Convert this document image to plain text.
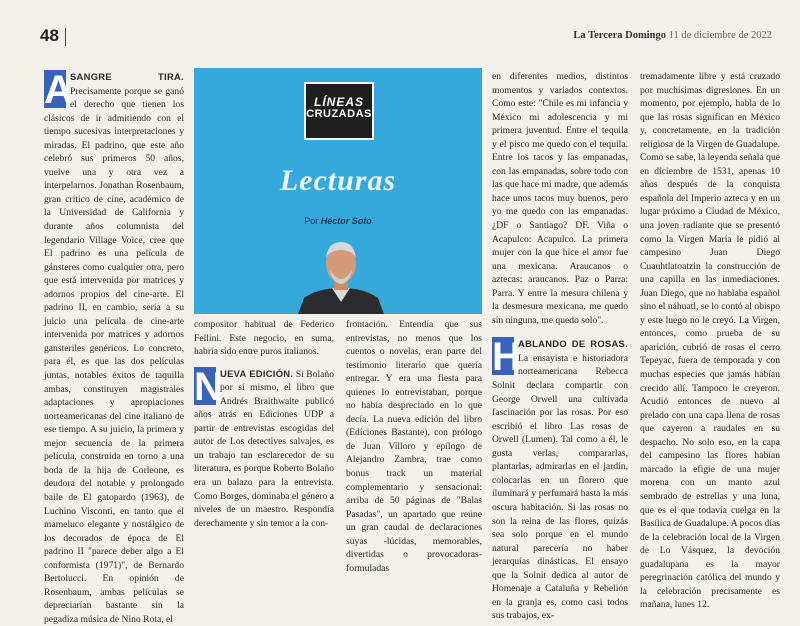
48	La Tercera Domingo 11 de diciembre de 2022
A
SANGRE TIRA. Precisamente porque se ganó el derecho que tienen los clásicos de ir admitiendo con el tiempo sucesivas interpretaciones y miradas, El padrino, que este año celebró sus primeros 50 años, vuelve una y otra vez a interpelarnos. Jonathan Rosenbaum, gran crítico de cine, académico de la Universidad de California y durante años columnista del legendario Village Voice, cree que El padrino es una película de gánsteres como cualquier otra, pero que está intervenida por matrices y adornos propios del cine-arte. El padrino II, en cambio, sería a su juicio una película de cine-arte intervenida por matrices y adornos gansteriles genéricos. Lo concreto, para él, es que las dos películas juntas, notables éxitos de taquilla ambas, constituyen magistrales adaptaciones y apropiaciones norteamericanas del cine italiano de ese tiempo. A su juicio, la primera y mejor secuencia de la primera película, construida en torno a una boda de la hija de Corleone, es deudora del notable y prolongado baile de El gatopardo (1963), de Luchino Visconti, en tanto que el mameluco elegante y nostálgico de los decorados de época de El padrino II "parece deber algo a El conformista (1971)", de Bernardo Bertolucci. En opinión de Rosenbaum, ambas películas se depreciarían bastante sin la pegadiza música de Nino Rota, el
LÍNEAS
CRUZADAS
Lecturas
Por Héctor Soto
compositor habitual de Federico Fellini. Este negocio, en suma, habría sido entre puros italianos.
N
UEVA EDICIÓN. Si Bolaño por sí mismo, el libro que Andrés Braithwaite publicó años atrás en Ediciones UDP a partir de entrevistas escogidas del autor de Los detectives salvajes, es un trabajo tan esclarecedor de su literatura, es porque Roberto Bolaño era un balazo para la entrevista. Como Borges, dominaba el género a niveles de un maestro. Respondía derechamente y sin temor a la con-
frontación. Entendía que sus entrevistas, no menos que los cuentos o novelas, eran parte del testimonio literario que quería entregar. Y era una fiesta para quienes lo entrevistaban, porque no había despreciado en lo que decía. La nueva edición del libro (Ediciones Bastante), con prólogo de Juan Villoro y epílogo de Alejandro Zambra, trae como bonus track un material complementario y sensacional: arriba de 50 páginas de "Balas Pasadas", un apartado que reúne un gran caudal de declaraciones suyas -lúcidas, memorables, divertidas o provocadoras- formuladas
en diferentes medios, distintos momentos y variados contextos. Como este: "Chile es mi infancia y México mi adolescencia y mi primera juventud. Entre el tequila y el pisco me quedo con el tequila. Entre los tacos y las empanadas, con las empanadas, sobre todo con las que hace mi madre, que además hace unos tacos muy buenos, pero yo me quedo con las empanadas. ¿DF o Santiago? DF. Viña o Acapulco: Acapulco. La primera mujer con la que hice el amor fue una mexicana. Araucanos o aztecas: araucanos. Paz o Parra: Parra. Y entre la mesura chilena y la desmesura mexicana, me quedo sin ninguna, me quedo solo".
H
ABLANDO DE ROSAS. La ensayista e historiadora norteamericana Rebecca Solnit declara compartir con George Orwell una cultivada fascinación por las rosas. Por eso escribió el libro Las rosas de Orwell (Lumen). Tal como a él, le gusta verlas, compararlas, plantarlas, admirarlas en el jardín, colocarlas en un florero que iluminará y perfumará hasta la más oscura habitación. Si las rosas no son la reina de las flores, quizás sea solo porque en el mundo natural parecería no haber jerarquías dinásticas. El ensayo que la Solnit dedica al autor de Homenaje a Cataluña y Rebelión en la granja es, como casi todos sus trabajos, ex-
tremadamente libre y está cruzado por muchísimas digresiones. En un momento, por ejemplo, habla de lo que las rosas significan en México y, concretamente, en la tradición religiosa de la Virgen de Guadalupe. Como se sabe, la leyenda señala que en diciembre de 1531, apenas 10 años después de la conquista española del Imperio azteca y en un lugar próximo a Ciudad de México, una joven radiante que se presentó como la Virgen María le pidió al campesino Juan Diego Cuauhtlatoatzin la construcción de una capilla en las inmediaciones. Juan Diego, que no hablaba español sino el náhuatl, se lo contó al obispo y este luego no le creyó. La Virgen, entonces, como prueba de su aparición, cubrió de rosas el cerro Tepeyac, fuera de temporada y con muchas especies que jamás habían crecido allí. Tampoco le creyeron. Acudió entonces de nuevo al prelado con una capa llena de rosas que cayeron a raudales en su despacho. No solo eso, en la capa del campesino las flores habían marcado la efigie de una mujer morena con un manto azul sembrado de estrellas y una luna, que es el que todavía cuelga en la Basílica de Guadalupe. A pocos días de la celebración local de la Virgen de Lo Vásquez, la devoción guadalupana es la mayor peregrinación católica del mundo y la celebración precisamente es mañana, lunes 12.
